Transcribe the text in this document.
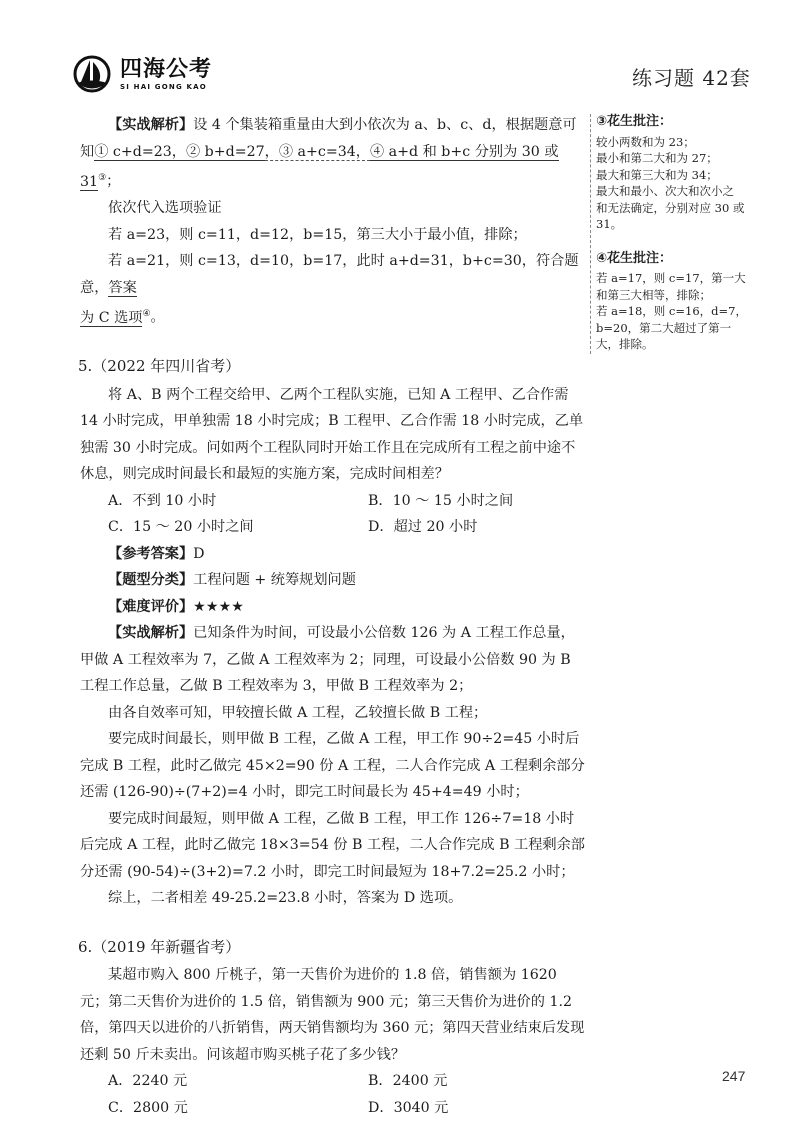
四海公考
SI HAI GONG KAO	练习题 42套

【实战解析】设 4 个集装箱重量由大到小依次为 a、b、c、d，根据题意可

知① c+d=23，② b+d=27，③ a+c=34，④ a+d 和 b+c 分别为 30 或 31③；

依次代入选项验证

若 a=23，则 c=11，d=12，b=15，第三大小于最小值，排除；

若 a=21，则 c=13，d=10，b=17，此时 a+d=31，b+c=30，符合题意，答案

为 C 选项④。

5.（2022 年四川省考）

将 A、B 两个工程交给甲、乙两个工程队实施，已知 A 工程甲、乙合作需 14 小时完成，甲单独需 18 小时完成；B 工程甲、乙合作需 18 小时完成，乙单独需 30 小时完成。问如两个工程队同时开始工作且在完成所有工程之前中途不休息，则完成时间最长和最短的实施方案，完成时间相差？

A．不到 10 小时	B．10 ～ 15 小时之间
C．15 ～ 20 小时之间	D．超过 20 小时

【参考答案】D

【题型分类】工程问题 + 统筹规划问题

【难度评价】★★★★

【实战解析】已知条件为时间，可设最小公倍数 126 为 A 工程工作总量，甲做 A 工程效率为 7，乙做 A 工程效率为 2；同理，可设最小公倍数 90 为 B 工程工作总量，乙做 B 工程效率为 3，甲做 B 工程效率为 2；

由各自效率可知，甲较擅长做 A 工程，乙较擅长做 B 工程；

要完成时间最长，则甲做 B 工程，乙做 A 工程，甲工作 90÷2=45 小时后完成 B 工程，此时乙做完 45×2=90 份 A 工程，二人合作完成 A 工程剩余部分还需 (126-90)÷(7+2)=4 小时，即完工时间最长为 45+4=49 小时；

要完成时间最短，则甲做 A 工程，乙做 B 工程，甲工作 126÷7=18 小时后完成 A 工程，此时乙做完 18×3=54 份 B 工程，二人合作完成 B 工程剩余部分还需 (90-54)÷(3+2)=7.2 小时，即完工时间最短为 18+7.2=25.2 小时；

综上，二者相差 49-25.2=23.8 小时，答案为 D 选项。

6.（2019 年新疆省考）

某超市购入 800 斤桃子，第一天售价为进价的 1.8 倍，销售额为 1620 元；第二天售价为进价的 1.5 倍，销售额为 900 元；第三天售价为进价的 1.2 倍，第四天以进价的八折销售，两天销售额均为 360 元；第四天营业结束后发现还剩 50 斤未卖出。问该超市购买桃子花了多少钱？

A．2240 元	B．2400 元
C．2800 元	D．3040 元
③花生批注：
较小两数和为 23；
最小和第二大和为 27；
最大和第三大和为 34；
最大和最小、次大和次小之
和无法确定，分别对应 30 或
31。
④花生批注：
若 a=17，则 c=17，第一大
和第三大相等，排除；
若 a=18，则 c=16，d=7，
b=20，第二大超过了第一
大，排除。
247
